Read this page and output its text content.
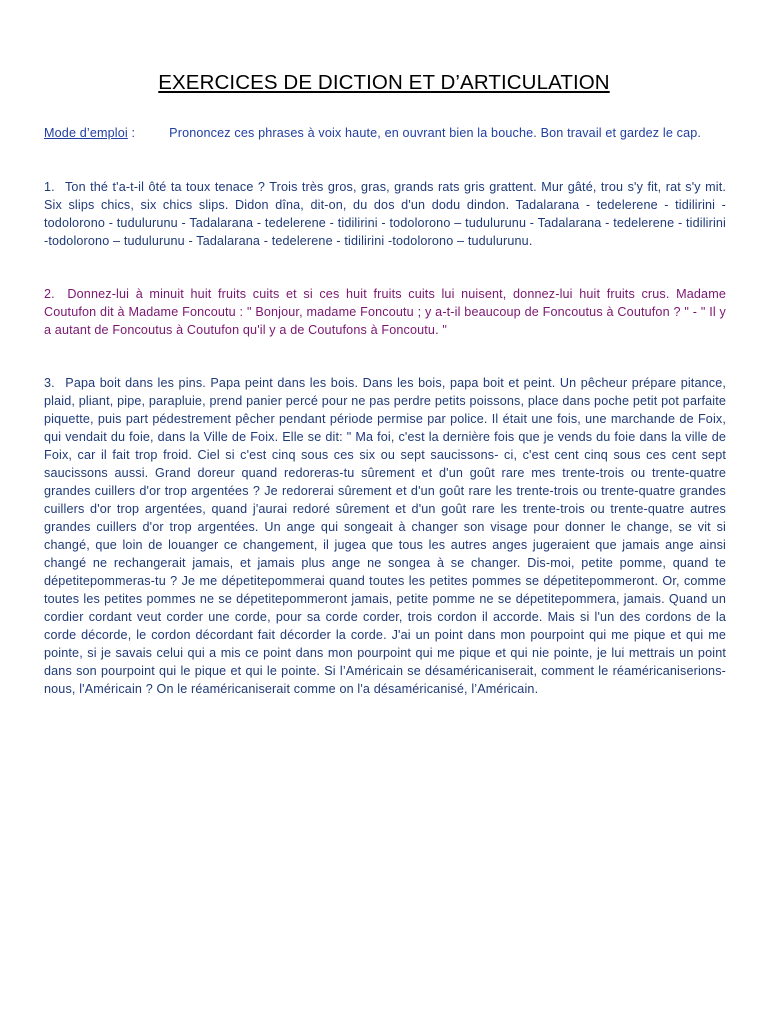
EXERCICES DE DICTION ET D’ARTICULATION
Mode d’emploi :	Prononcez ces phrases à voix haute, en ouvrant bien la bouche. Bon travail et gardez le cap.
1. Ton thé t'a-t-il ôté ta toux tenace ? Trois très gros, gras, grands rats gris grattent. Mur gâté, trou s'y fit, rat s'y mit. Six slips chics, six chics slips. Didon dîna, dit-on, du dos d'un dodu dindon. Tadalarana - tedelerene - tidilirini - todolorono - tudulurunu - Tadalarana - tedelerene - tidilirini - todolorono – tudulurunu - Tadalarana - tedelerene - tidilirini -todolorono – tudulurunu - Tadalarana - tedelerene - tidilirini -todolorono – tudulurunu.
2. Donnez-lui à minuit huit fruits cuits et si ces huit fruits cuits lui nuisent, donnez-lui huit fruits crus. Madame Coutufon dit à Madame Foncoutu : " Bonjour, madame Foncoutu ; y a-t-il beaucoup de Foncoutus à Coutufon ? " - " Il y a autant de Foncoutus à Coutufon qu'il y a de Coutufons à Foncoutu. "
3. Papa boit dans les pins. Papa peint dans les bois. Dans les bois, papa boit et peint. Un pêcheur prépare pitance, plaid, pliant, pipe, parapluie, prend panier percé pour ne pas perdre petits poissons, place dans poche petit pot parfaite piquette, puis part pédestrement pêcher pendant période permise par police. Il était une fois, une marchande de Foix, qui vendait du foie, dans la Ville de Foix. Elle se dit: " Ma foi, c'est la dernière fois que je vends du foie dans la ville de Foix, car il fait trop froid. Ciel si c'est cinq sous ces six ou sept saucissons- ci, c'est cent cinq sous ces cent sept saucissons aussi. Grand doreur quand redoreras-tu sûrement et d'un goût rare mes trente-trois ou trente-quatre grandes cuillers d'or trop argentées ? Je redorerai sûrement et d'un goût rare les trente-trois ou trente-quatre grandes cuillers d'or trop argentées, quand j'aurai redoré sûrement et d'un goût rare les trente-trois ou trente-quatre autres grandes cuillers d'or trop argentées. Un ange qui songeait à changer son visage pour donner le change, se vit si changé, que loin de louanger ce changement, il jugea que tous les autres anges jugeraient que jamais ange ainsi changé ne rechangerait jamais, et jamais plus ange ne songea à se changer. Dis-moi, petite pomme, quand te dépetitepommeras-tu ? Je me dépetitepommerai quand toutes les petites pommes se dépetitepommeront. Or, comme toutes les petites pommes ne se dépetitepommeront jamais, petite pomme ne se dépetitepommera, jamais. Quand un cordier cordant veut corder une corde, pour sa corde corder, trois cordon il accorde. Mais si l'un des cordons de la corde décorde, le cordon décordant fait décorder la corde. J'ai un point dans mon pourpoint qui me pique et qui me pointe, si je savais celui qui a mis ce point dans mon pourpoint qui me pique et qui nie pointe, je lui mettrais un point dans son pourpoint qui le pique et qui le pointe. Si l’Américain se désaméricaniserait, comment le réaméricaniserions-nous, l'Américain ? On le réaméricaniserait comme on l'a désaméricanisé, l’Américain.
